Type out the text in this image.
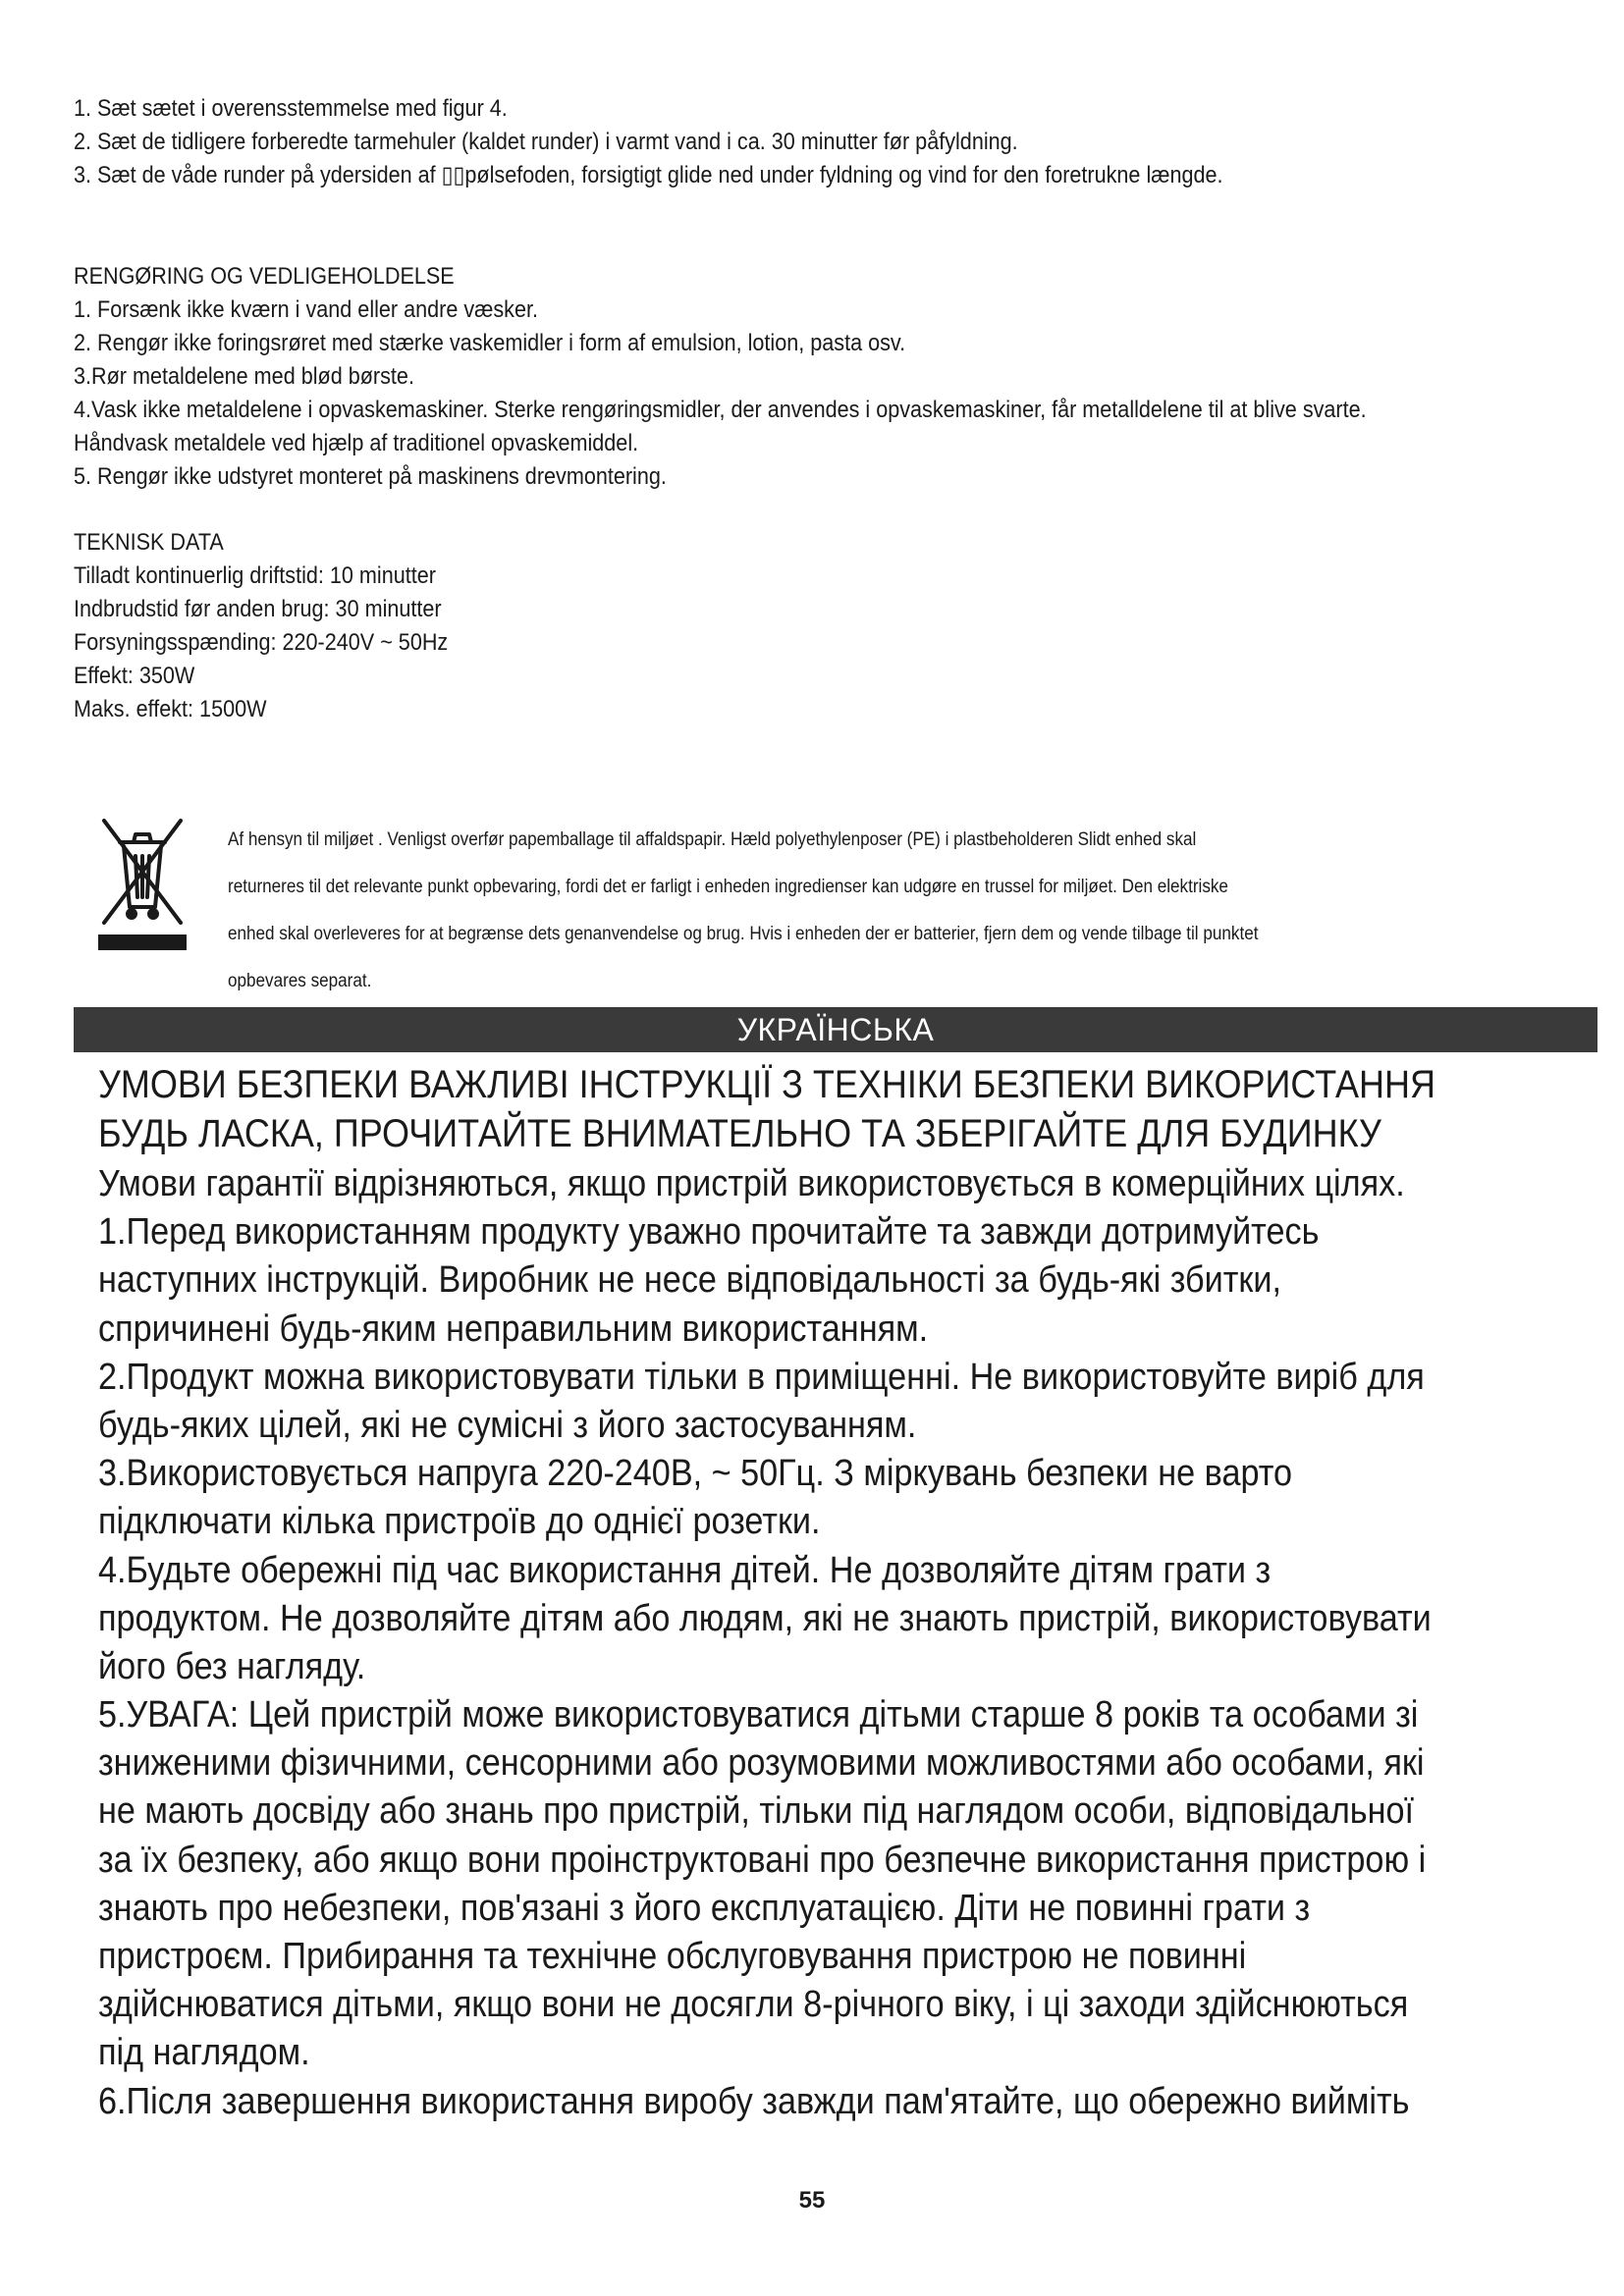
1. Sæt sætet i overensstemmelse med figur 4.
2. Sæt de tidligere forberedte tarmehuler (kaldet runder) i varmt vand i ca. 30 minutter før påfyldning.
3. Sæt de våde runder på ydersiden af ▯▯pølsefoden, forsigtigt glide ned under fyldning og vind for den foretrukne længde.
RENGØRING OG VEDLIGEHOLDELSE
1. Forsænk ikke kværn i vand eller andre væsker.
2. Rengør ikke foringsrøret med stærke vaskemidler i form af emulsion, lotion, pasta osv.
3.Rør metaldelene med blød børste.
4.Vask ikke metaldelene i opvaskemaskiner. Sterke rengøringsmidler, der anvendes i opvaskemaskiner, får metalldelene til at blive svarte.
Håndvask metaldele ved hjælp af traditionel opvaskemiddel.
5. Rengør ikke udstyret monteret på maskinens drevmontering.
TEKNISK DATA
Tilladt kontinuerlig driftstid: 10 minutter
Indbrudstid før anden brug: 30 minutter
Forsyningsspænding: 220-240V ~ 50Hz
Effekt: 350W
Maks. effekt: 1500W
Af hensyn til miljøet . Venligst overfør papemballage til affaldspapir. Hæld polyethylenposer (PE) i plastbeholderen Slidt enhed skal
returneres til det relevante punkt opbevaring, fordi det er farligt i enheden ingredienser kan udgøre en trussel for miljøet. Den elektriske
enhed skal overleveres for at begrænse dets genanvendelse og brug. Hvis i enheden der er batterier, fjern dem og vende tilbage til punktet
opbevares separat.
УКРАЇНСЬКА
УМОВИ БЕЗПЕКИ ВАЖЛИВІ ІНСТРУКЦІЇ З ТЕХНІКИ БЕЗПЕКИ ВИКОРИСТАННЯ
БУДЬ ЛАСКА, ПРОЧИТАЙТЕ ВНИМАТЕЛЬНО ТА ЗБЕРІГАЙТЕ ДЛЯ БУДИНКУ
Умови гарантії відрізняються, якщо пристрій використовується в комерційних цілях.
1.Перед використанням продукту уважно прочитайте та завжди дотримуйтесь
наступних інструкцій. Виробник не несе відповідальності за будь-які збитки,
спричинені будь-яким неправильним використанням.
2.Продукт можна використовувати тільки в приміщенні. Не використовуйте виріб для
будь-яких цілей, які не сумісні з його застосуванням.
3.Використовується напруга 220-240В, ~ 50Гц. З міркувань безпеки не варто
підключати кілька пристроїв до однієї розетки.
4.Будьте обережні під час використання дітей. Не дозволяйте дітям грати з
продуктом. Не дозволяйте дітям або людям, які не знають пристрій, використовувати
його без нагляду.
5.УВАГА: Цей пристрій може використовуватися дітьми старше 8 років та особами зі
зниженими фізичними, сенсорними або розумовими можливостями або особами, які
не мають досвіду або знань про пристрій, тільки під наглядом особи, відповідальної
за їх безпеку, або якщо вони проінструктовані про безпечне використання пристрою і
знають про небезпеки, пов'язані з його експлуатацією. Діти не повинні грати з
пристроєм. Прибирання та технічне обслуговування пристрою не повинні
здійснюватися дітьми, якщо вони не досягли 8-річного віку, і ці заходи здійснюються
під наглядом.
6.Після завершення використання виробу завжди пам'ятайте, що обережно вийміть
55
